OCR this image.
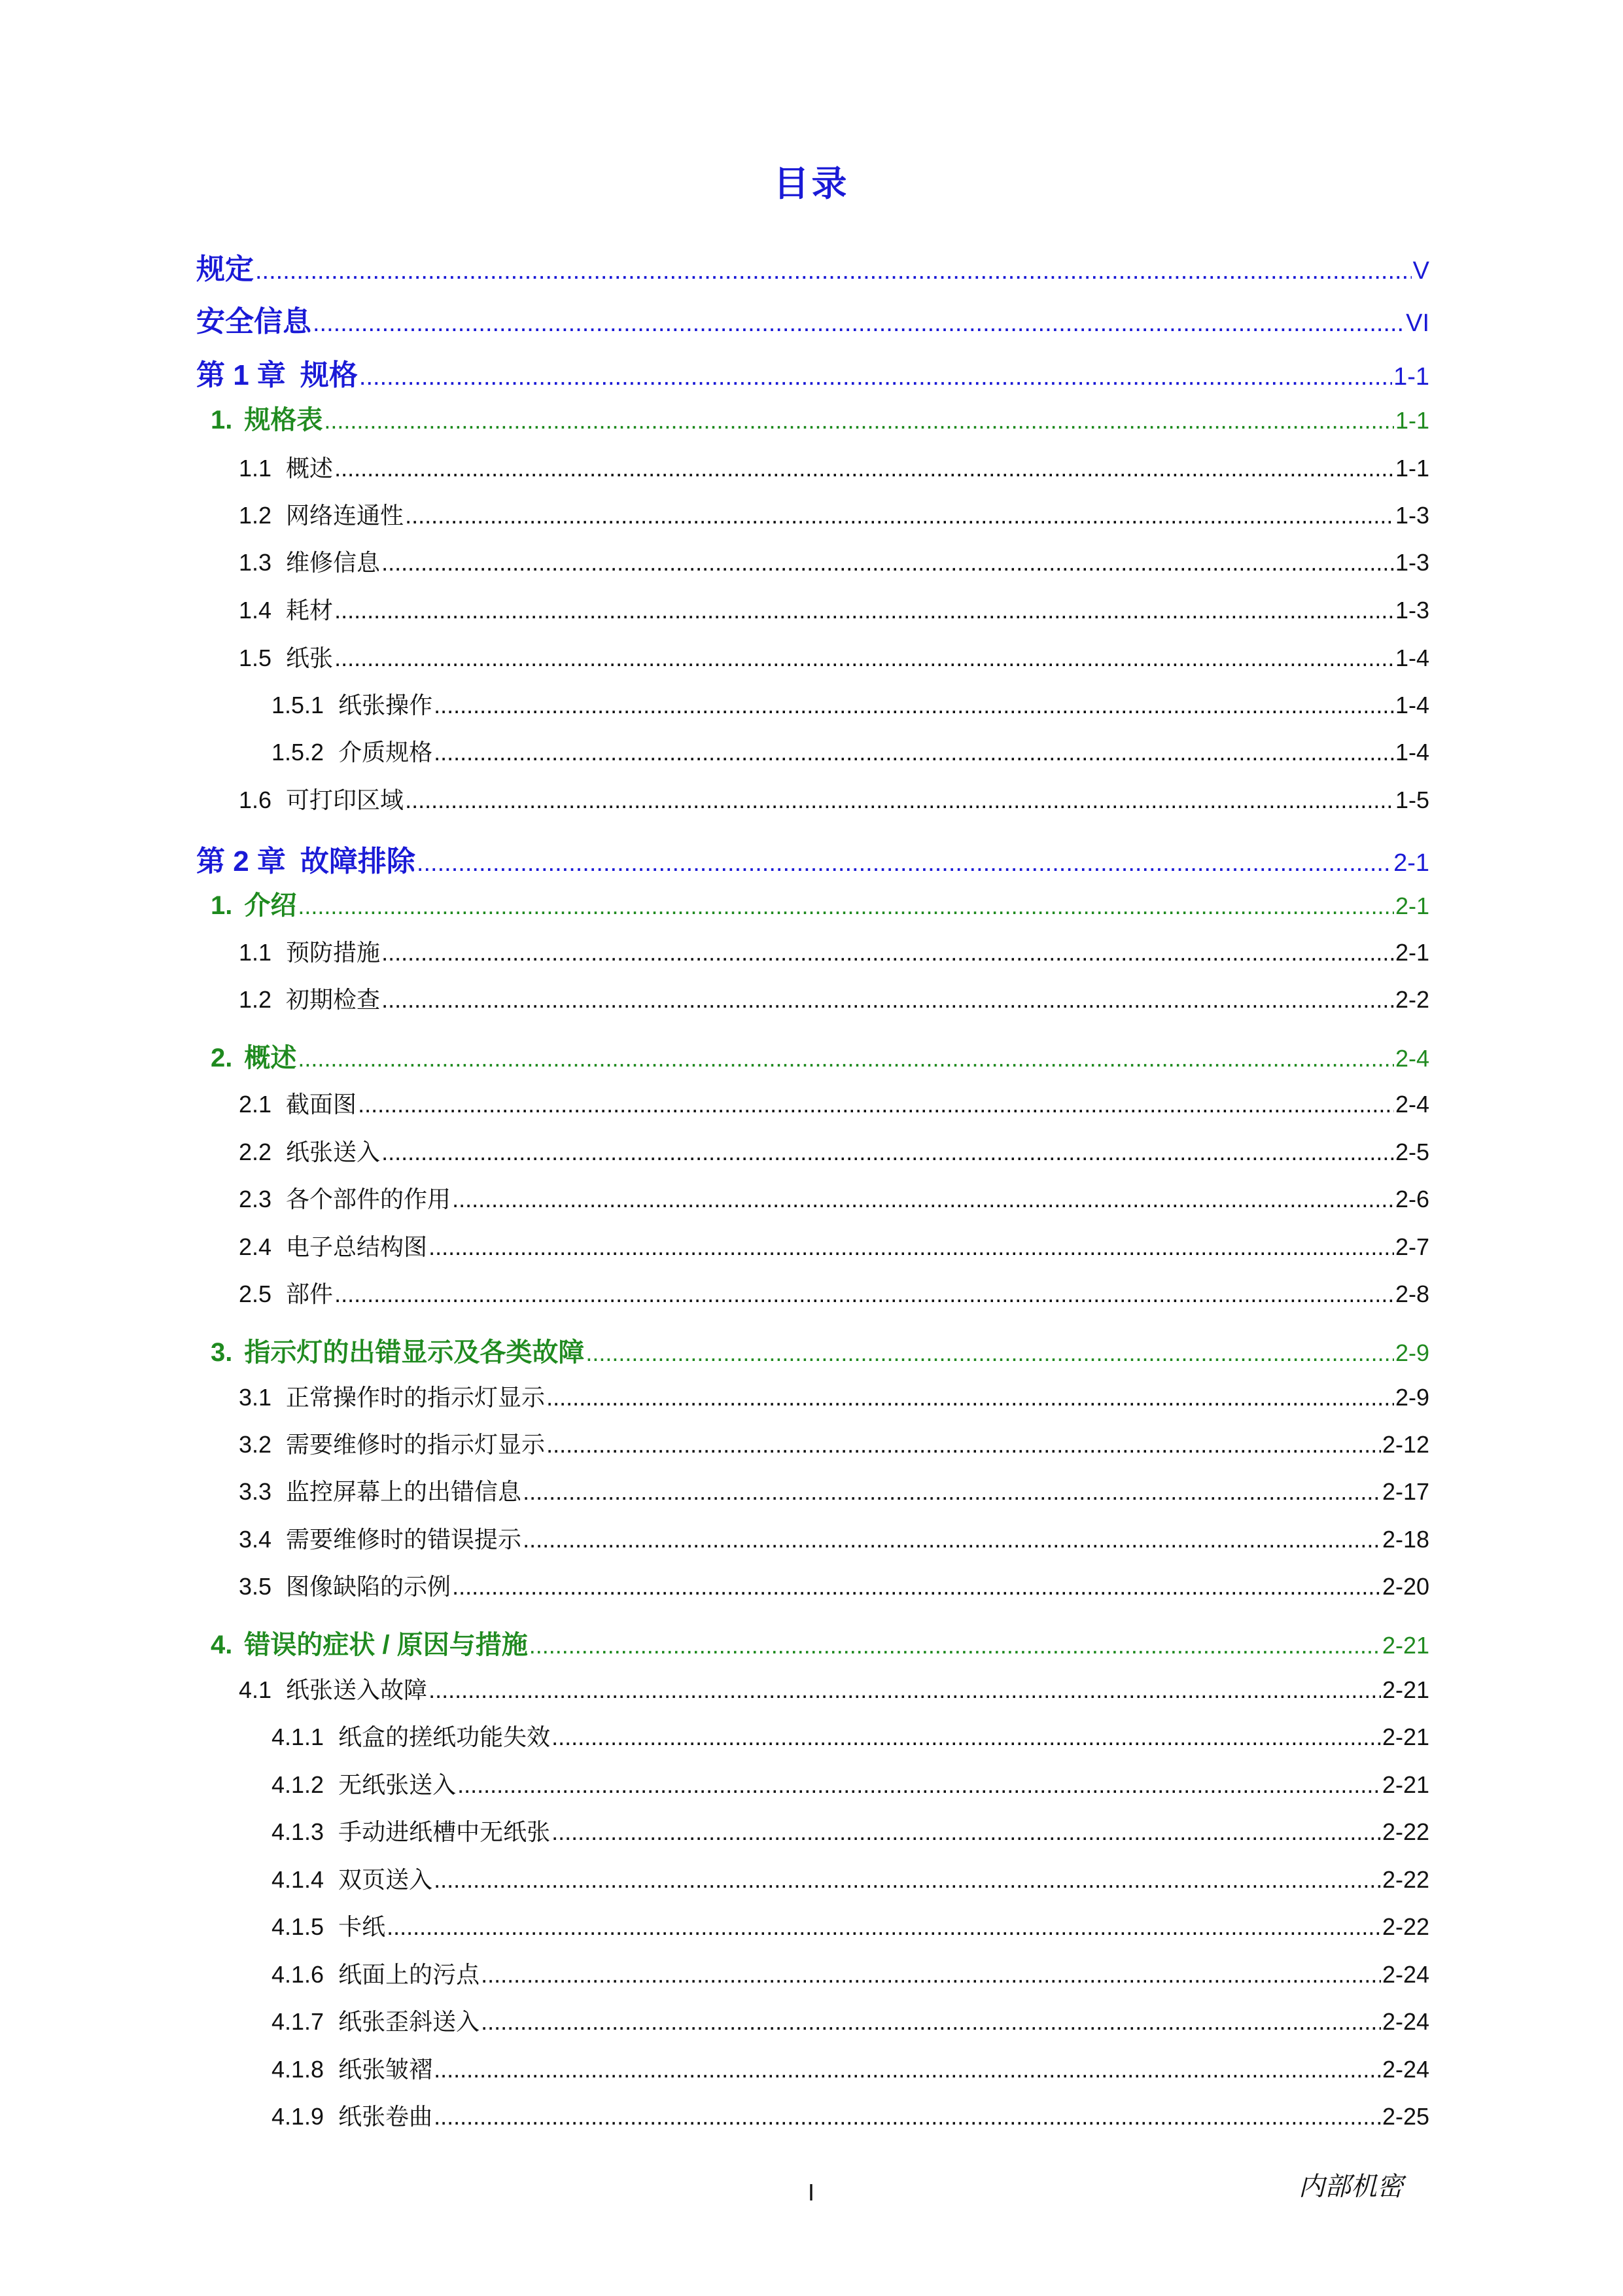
目录
规定 .....	V
安全信息 .....	VI
第 1 章 规格 .....	1-1
1. 规格表 .....	1-1
1.1 概述 .....	1-1
1.2 网络连通性 .....	1-3
1.3 维修信息 .....	1-3
1.4 耗材 .....	1-3
1.5 纸张 .....	1-4
1.5.1 纸张操作 .....	1-4
1.5.2 介质规格 .....	1-4
1.6 可打印区域 .....	1-5
第 2 章 故障排除 .....	2-1
1. 介绍 .....	2-1
1.1 预防措施 .....	2-1
1.2 初期检查 .....	2-2
2. 概述 .....	2-4
2.1 截面图 .....	2-4
2.2 纸张送入 .....	2-5
2.3 各个部件的作用 .....	2-6
2.4 电子总结构图 .....	2-7
2.5 部件 .....	2-8
3. 指示灯的出错显示及各类故障 .....	2-9
3.1 正常操作时的指示灯显示 .....	2-9
3.2 需要维修时的指示灯显示 .....	2-12
3.3 监控屏幕上的出错信息 .....	2-17
3.4 需要维修时的错误提示 .....	2-18
3.5 图像缺陷的示例 .....	2-20
4. 错误的症状 / 原因与措施 .....	2-21
4.1 纸张送入故障 .....	2-21
4.1.1 纸盒的搓纸功能失效 .....	2-21
4.1.2 无纸张送入 .....	2-21
4.1.3 手动进纸槽中无纸张 .....	2-22
4.1.4 双页送入 .....	2-22
4.1.5 卡纸 .....	2-22
4.1.6 纸面上的污点 .....	2-24
4.1.7 纸张歪斜送入 .....	2-24
4.1.8 纸张皱褶 .....	2-24
4.1.9 纸张卷曲 .....	2-25
I	内部机密
